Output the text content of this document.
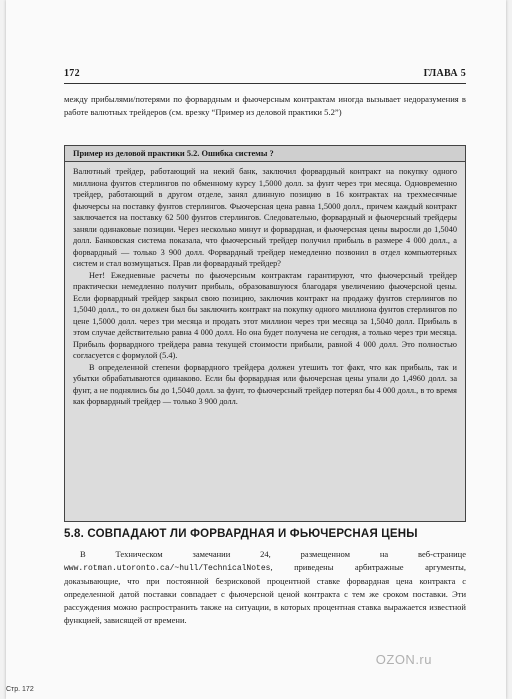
172	ГЛАВА 5
между прибылями/потерями по форвардным и фьючерсным контрактам иногда вызывает недоразумения в работе валютных трейдеров (см. врезку “Пример из деловой практики 5.2”)
Пример из деловой практики 5.2. Ошибка системы ?

Валютный трейдер, работающий на некий банк, заключил форвардный контракт на покупку одного миллиона фунтов стерлингов по обменному курсу 1,5000 долл. за фунт через три месяца. Одновременно трейдер, работающий в другом отделе, занял длинную позицию в 16 контрактах на трехмесячные фьючерсы на поставку фунтов стерлингов. Фьючерсная цена равна 1,5000 долл., причем каждый контракт заключается на поставку 62 500 фунтов стерлингов. Следовательно, форвардный и фьючерсный трейдеры заняли одинаковые позиции. Через несколько минут и форвардная, и фьючерсная цены выросли до 1,5040 долл. Банковская система показала, что фьючерсный трейдер получил прибыль в размере 4 000 долл., а форвардный — только 3 900 долл. Форвардный трейдер немедленно позвонил в отдел компьютерных систем и стал возмущаться. Прав ли форвардный трейдер?

Нет! Ежедневные расчеты по фьючерсным контрактам гарантируют, что фьючерсный трейдер практически немедленно получит прибыль, образовавшуюся благодаря увеличению фьючерсной цены. Если форвардный трейдер закрыл свою позицию, заключив контракт на продажу фунтов стерлингов по 1,5040 долл., то он должен был бы заключить контракт на покупку одного миллиона фунтов стерлингов по цене 1,5000 долл. через три месяца и продать этот миллион через три месяца за 1,5040 долл. Прибыль в этом случае действительно равна 4 000 долл. Но она будет получена не сегодня, а только через три месяца. Прибыль форвардного трейдера равна текущей стоимости прибыли, равной 4 000 долл. Это полностью согласуется с формулой (5.4).

В определенной степени форвардного трейдера должен утешить тот факт, что как прибыль, так и убытки обрабатываются одинаково. Если бы форвардная или фьючерсная цены упали до 1,4960 долл. за фунт, а не поднялись бы до 1,5040 долл. за фунт, то фьючерсный трейдер потерял бы 4 000 долл., в то время как форвардный трейдер — только 3 900 долл.

5.8. СОВПАДАЮТ ЛИ ФОРВАРДНАЯ И ФЬЮЧЕРСНАЯ ЦЕНЫ
В Техническом замечании 24, размещенном на веб-странице www.rotman.utoronto.ca/~hull/TechnicalNotes, приведены арбитражные аргументы, доказывающие, что при постоянной безрисковой процентной ставке форвардная цена контракта с определенной датой поставки совпадает с фьючерсной ценой контракта с тем же сроком поставки. Эти рассуждения можно распространить также на ситуации, в которых процентная ставка выражается известной функцией, зависящей от времени.
Стр. 172
OZON.ru
